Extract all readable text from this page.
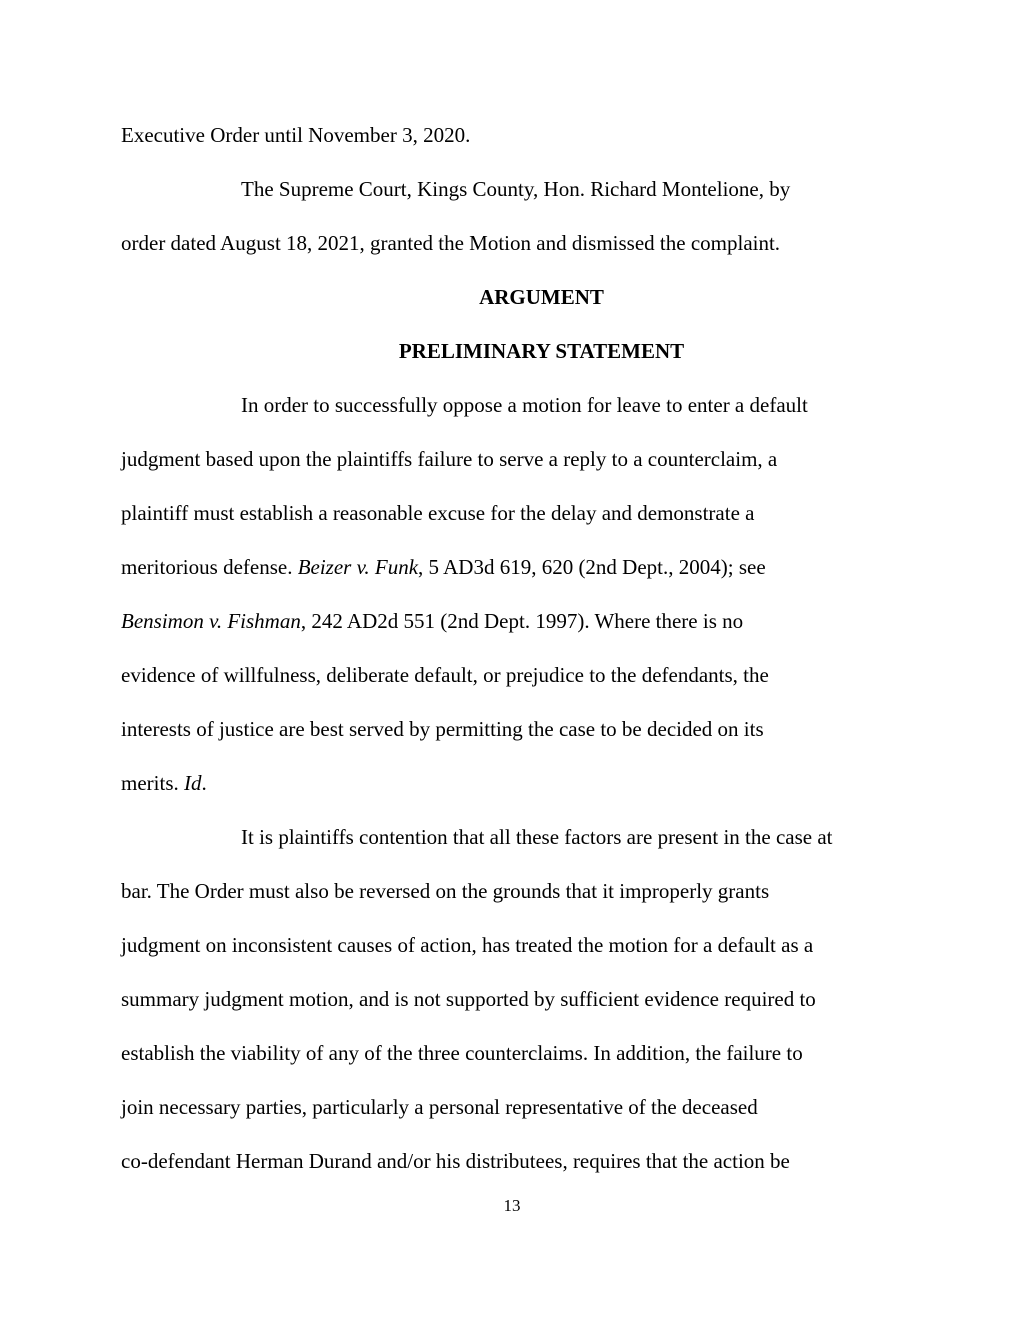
Executive Order until November 3, 2020.
The Supreme Court, Kings County, Hon. Richard Montelione, by
order dated August 18, 2021, granted the Motion and dismissed the complaint.
ARGUMENT
PRELIMINARY STATEMENT
In order to successfully oppose a motion for leave to enter a default
judgment based upon the plaintiffs failure to serve a reply to a counterclaim, a
plaintiff must establish a reasonable excuse for the delay and demonstrate a
meritorious defense. Beizer v. Funk, 5 AD3d 619, 620 (2nd Dept., 2004); see
Bensimon v. Fishman, 242 AD2d 551 (2nd Dept. 1997). Where there is no
evidence of willfulness, deliberate default, or prejudice to the defendants, the
interests of justice are best served by permitting the case to be decided on its
merits. Id.
It is plaintiffs contention that all these factors are present in the case at
bar. The Order must also be reversed on the grounds that it improperly grants
judgment on inconsistent causes of action, has treated the motion for a default as a
summary judgment motion, and is not supported by sufficient evidence required to
establish the viability of any of the three counterclaims. In addition, the failure to
join necessary parties, particularly a personal representative of the deceased
co-defendant Herman Durand and/or his distributees, requires that the action be
13
